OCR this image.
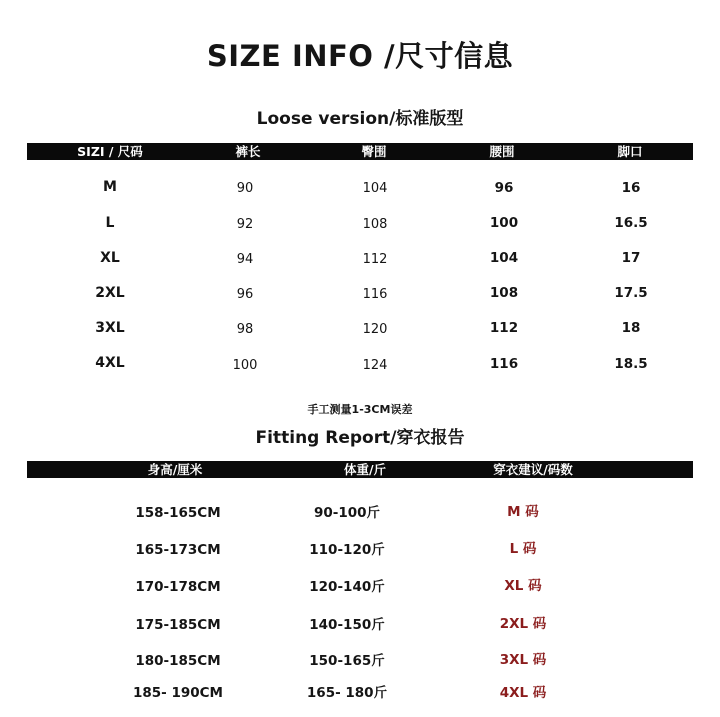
SIZE INFO /尺寸信息
Loose version/标准版型
SIZI / 尺码	裤长	臀围	腰围	脚口
M	90	104	96	16
L	92	108	100	16.5
XL	94	112	104	17
2XL	96	116	108	17.5
3XL	98	120	112	18
4XL	100	124	116	18.5
手工测量1-3CM误差
Fitting Report/穿衣报告
身高/厘米	体重/斤	穿衣建议/码数
158-165CM	90-100斤	M 码
165-173CM	110-120斤	L 码
170-178CM	120-140斤	XL 码
175-185CM	140-150斤	2XL 码
180-185CM	150-165斤	3XL 码
185- 190CM	165- 180斤	4XL 码
